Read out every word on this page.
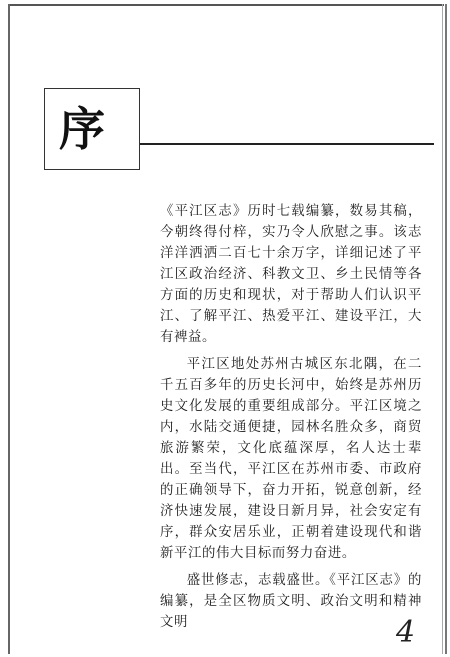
序

《平江区志》历时七载编纂，数易其稿，今朝终得付梓，实乃令人欣慰之事。该志洋洋洒洒二百七十余万字，详细记述了平江区政治经济、科教文卫、乡土民情等各方面的历史和现状，对于帮助人们认识平江、了解平江、热爱平江、建设平江，大有裨益。

平江区地处苏州古城区东北隅，在二千五百多年的历史长河中，始终是苏州历史文化发展的重要组成部分。平江区境之内，水陆交通便捷，园林名胜众多，商贸旅游繁荣，文化底蕴深厚，名人达士辈出。至当代，平江区在苏州市委、市政府的正确领导下，奋力开拓，锐意创新，经济快速发展，建设日新月异，社会安定有序，群众安居乐业，正朝着建设现代和谐新平江的伟大目标而努力奋进。

盛世修志，志载盛世。《平江区志》的编纂，是全区物质文明、政治文明和精神文明	4
